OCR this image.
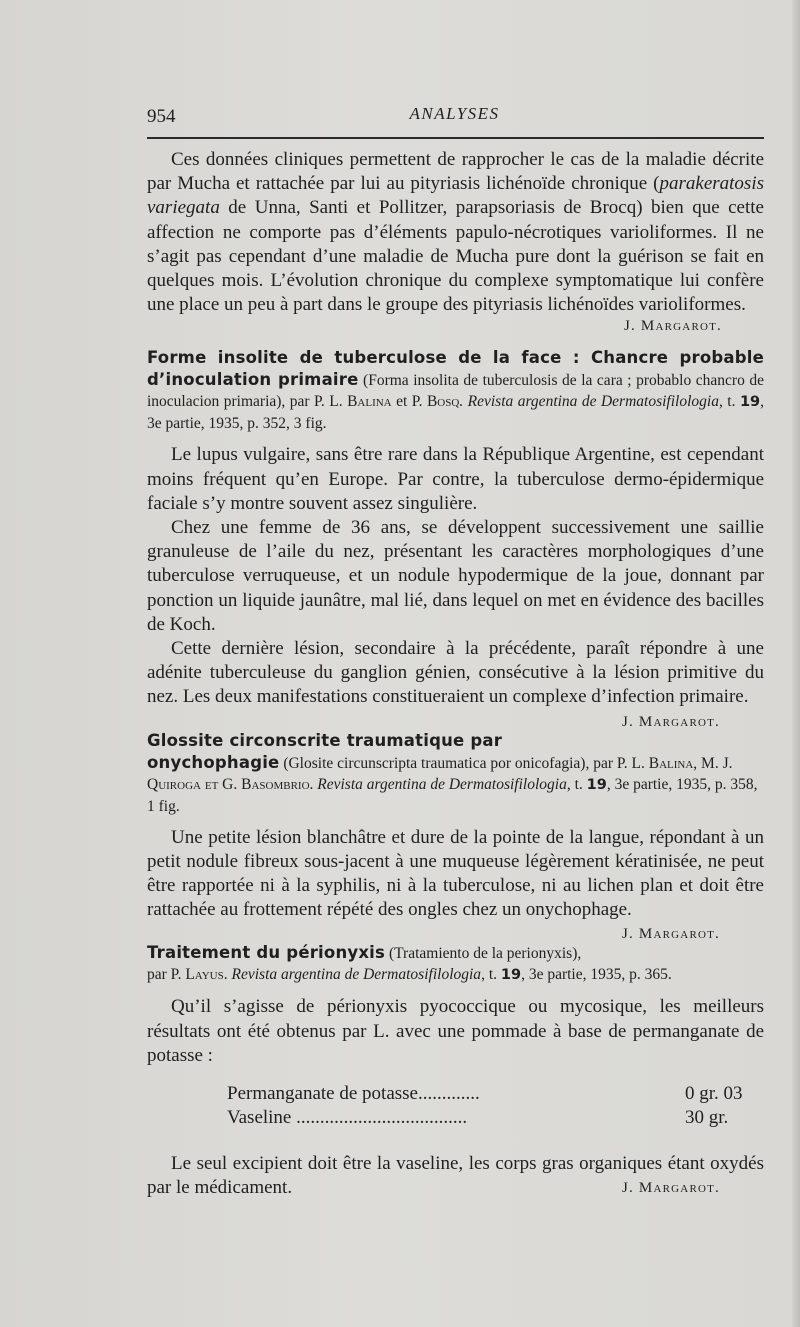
954	ANALYSES

Ces données cliniques permettent de rapprocher le cas de la maladie décrite par Mucha et rattachée par lui au pityriasis lichénoïde chronique (parakeratosis variegata de Unna, Santi et Pollitzer, parapsoriasis de Brocq) bien que cette affection ne comporte pas d’éléments papulo-nécrotiques varioliformes. Il ne s’agit pas cependant d’une maladie de Mucha pure dont la guérison se fait en quelques mois. L’évolution chronique du complexe symptomatique lui confère une place un peu à part dans le groupe des pityriasis lichénoïdes varioliformes.

J. Margarot.
Forme insolite de tuberculose de la face : Chancre probable d’inoculation primaire (Forma insolita de tuberculosis de la cara ; probablo chancro de inoculacion primaria), par P. L. Balina et P. Bosq. Revista argentina de Dermatosifilologia, t. 19, 3e partie, 1935, p. 352, 3 fig.

Le lupus vulgaire, sans être rare dans la République Argentine, est cependant moins fréquent qu’en Europe. Par contre, la tuberculose dermo-épidermique faciale s’y montre souvent assez singulière.

Chez une femme de 36 ans, se développent successivement une saillie granuleuse de l’aile du nez, présentant les caractères morphologiques d’une tuberculose verruqueuse, et un nodule hypodermique de la joue, donnant par ponction un liquide jaunâtre, mal lié, dans lequel on met en évidence des bacilles de Koch.

Cette dernière lésion, secondaire à la précédente, paraît répondre à une adénite tuberculeuse du ganglion génien, consécutive à la lésion primitive du nez. Les deux manifestations constitueraient un complexe d’infection primaire.
J. Margarot.

Glossite circonscrite traumatique par onychophagie (Glosite circunscripta traumatica por onicofagia), par P. L. Balina, M. J. Quiroga et G. Basombrio. Revista argentina de Dermatosifilologia, t. 19, 3e partie, 1935, p. 358, 1 fig.

Une petite lésion blanchâtre et dure de la pointe de la langue, répondant à un petit nodule fibreux sous-jacent à une muqueuse légèrement kératinisée, ne peut être rapportée ni à la syphilis, ni à la tuberculose, ni au lichen plan et doit être rattachée au frottement répété des ongles chez un onychophage.
J. Margarot.

Traitement du périonyxis (Tratamiento de la perionyxis), par P. Layus. Revista argentina de Dermatosifilologia, t. 19, 3e partie, 1935, p. 365.

Qu’il s’agisse de périonyxis pyococcique ou mycosique, les meilleurs résultats ont été obtenus par L. avec une pommade à base de permanganate de potasse :

Permanganate de potasse.............	0 gr. 03
Vaseline ....................................	30 gr.

Le seul excipient doit être la vaseline, les corps gras organiques étant oxydés par le médicament.	J. Margarot.
